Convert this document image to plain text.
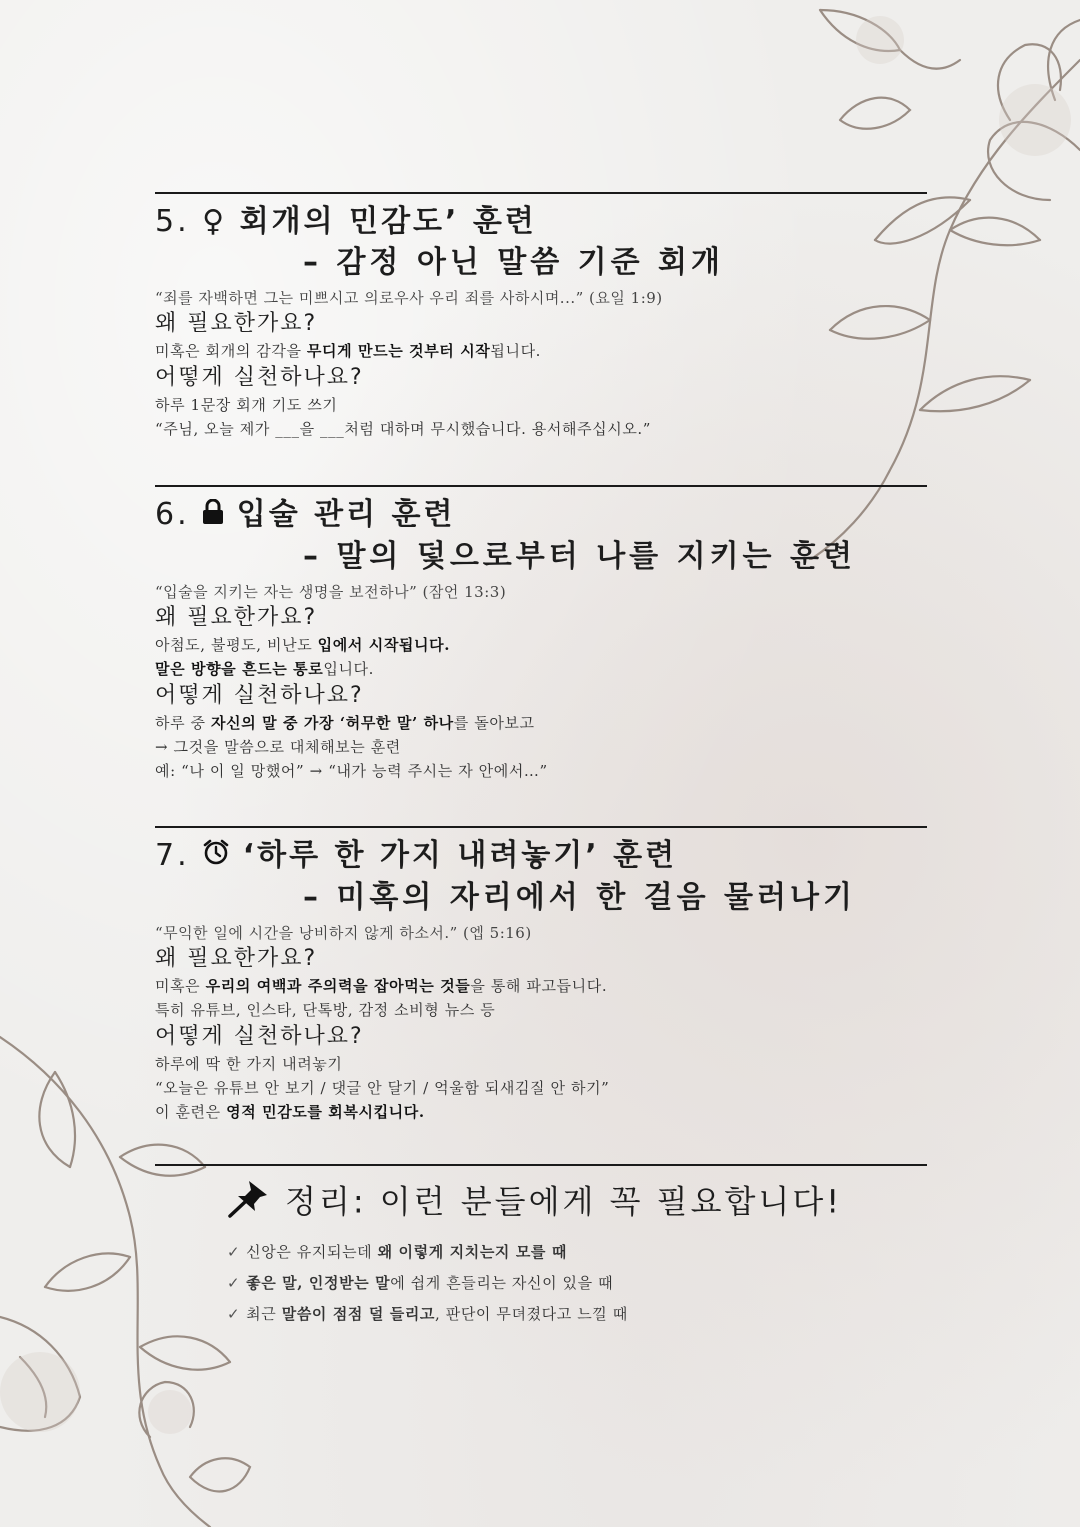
5. ♀ 회개의 민감도’ 훈련
– 감정 아닌 말씀 기준 회개
“죄를 자백하면 그는 미쁘시고 의로우사 우리 죄를 사하시며...” (요일 1:9)
왜 필요한가요?
미혹은 회개의 감각을 무디게 만드는 것부터 시작됩니다.
어떻게 실천하나요?
하루 1문장 회개 기도 쓰기
“주님, 오늘 제가 ___을 ___처럼 대하며 무시했습니다. 용서해주십시오.”
6. 입술 관리 훈련
– 말의 덫으로부터 나를 지키는 훈련
“입술을 지키는 자는 생명을 보전하나” (잠언 13:3)
왜 필요한가요?
아첨도, 불평도, 비난도 입에서 시작됩니다.
말은 방향을 흔드는 통로입니다.
어떻게 실천하나요?
하루 중 자신의 말 중 가장 ‘허무한 말’ 하나를 돌아보고
→ 그것을 말씀으로 대체해보는 훈련
예: “나 이 일 망했어” → “내가 능력 주시는 자 안에서…”
7. ‘하루 한 가지 내려놓기’ 훈련
– 미혹의 자리에서 한 걸음 물러나기
“무익한 일에 시간을 낭비하지 않게 하소서.” (엡 5:16)
왜 필요한가요?
미혹은 우리의 여백과 주의력을 잡아먹는 것들을 통해 파고듭니다.
특히 유튜브, 인스타, 단톡방, 감정 소비형 뉴스 등
어떻게 실천하나요?
하루에 딱 한 가지 내려놓기
“오늘은 유튜브 안 보기 / 댓글 안 달기 / 억울함 되새김질 안 하기”
이 훈련은 영적 민감도를 회복시킵니다.
정리: 이런 분들에게 꼭 필요합니다!
✓ 신앙은 유지되는데 왜 이렇게 지치는지 모를 때
✓ 좋은 말, 인정받는 말에 쉽게 흔들리는 자신이 있을 때
✓ 최근 말씀이 점점 덜 들리고, 판단이 무뎌졌다고 느낄 때
